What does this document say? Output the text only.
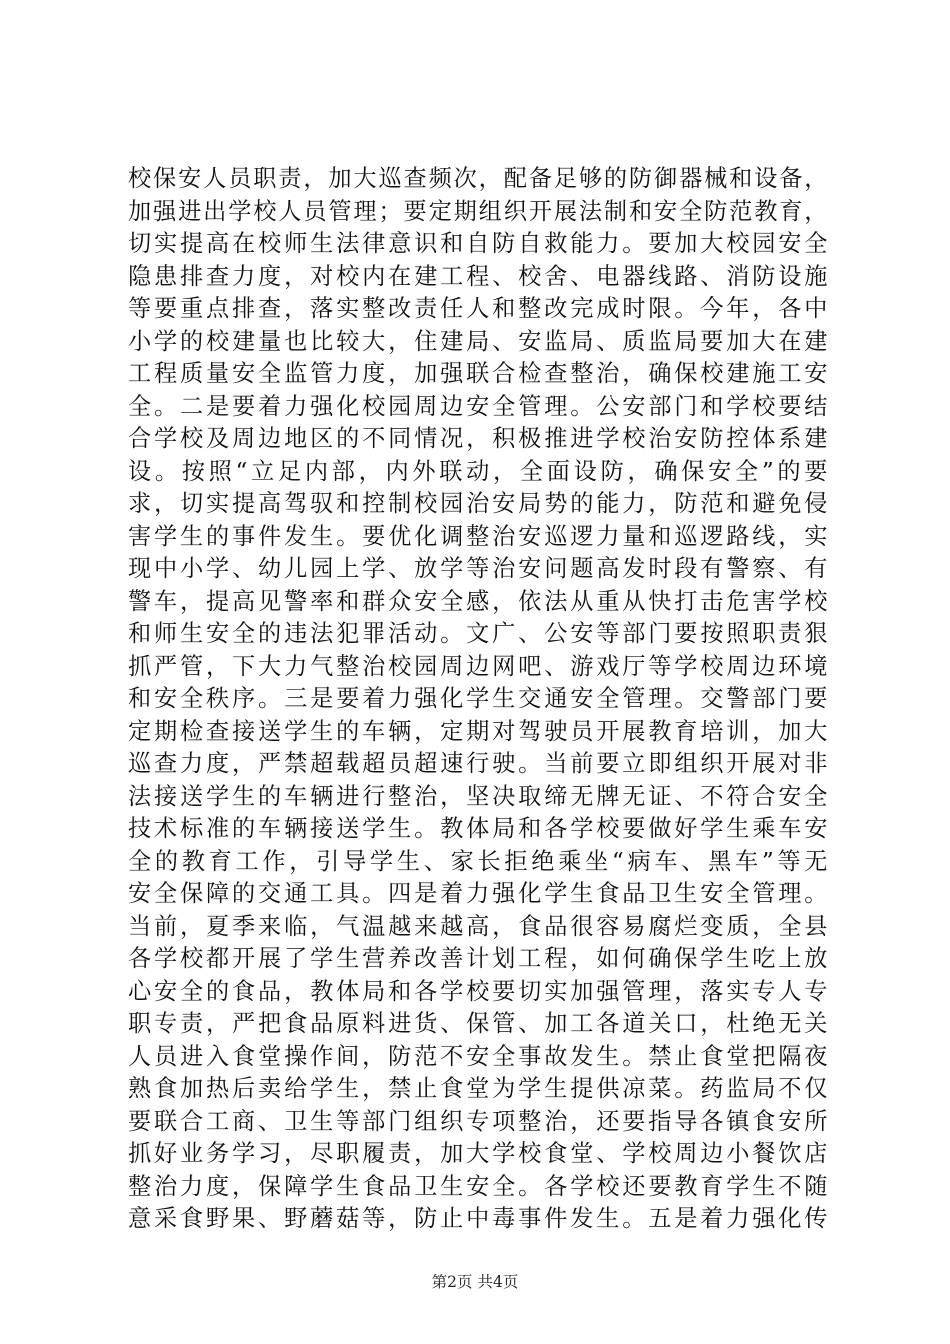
校保安人员职责，加大巡查频次，配备足够的防御器械和设备，
加强进出学校人员管理；要定期组织开展法制和安全防范教育，
切实提高在校师生法律意识和自防自救能力。要加大校园安全
隐患排查力度，对校内在建工程、校舍、电器线路、消防设施
等要重点排查，落实整改责任人和整改完成时限。今年，各中
小学的校建量也比较大，住建局、安监局、质监局要加大在建
工程质量安全监管力度，加强联合检查整治，确保校建施工安
全。二是要着力强化校园周边安全管理。公安部门和学校要结
合学校及周边地区的不同情况，积极推进学校治安防控体系建
设。按照“立足内部，内外联动，全面设防，确保安全”的要
求，切实提高驾驭和控制校园治安局势的能力，防范和避免侵
害学生的事件发生。要优化调整治安巡逻力量和巡逻路线，实
现中小学、幼儿园上学、放学等治安问题高发时段有警察、有
警车，提高见警率和群众安全感，依法从重从快打击危害学校
和师生安全的违法犯罪活动。文广、公安等部门要按照职责狠
抓严管，下大力气整治校园周边网吧、游戏厅等学校周边环境
和安全秩序。三是要着力强化学生交通安全管理。交警部门要
定期检查接送学生的车辆，定期对驾驶员开展教育培训，加大
巡查力度，严禁超载超员超速行驶。当前要立即组织开展对非
法接送学生的车辆进行整治，坚决取缔无牌无证、不符合安全
技术标准的车辆接送学生。教体局和各学校要做好学生乘车安
全的教育工作，引导学生、家长拒绝乘坐“病车、黑车”等无
安全保障的交通工具。四是着力强化学生食品卫生安全管理。
当前，夏季来临，气温越来越高，食品很容易腐烂变质，全县
各学校都开展了学生营养改善计划工程，如何确保学生吃上放
心安全的食品，教体局和各学校要切实加强管理，落实专人专
职专责，严把食品原料进货、保管、加工各道关口，杜绝无关
人员进入食堂操作间，防范不安全事故发生。禁止食堂把隔夜
熟食加热后卖给学生，禁止食堂为学生提供凉菜。药监局不仅
要联合工商、卫生等部门组织专项整治，还要指导各镇食安所
抓好业务学习，尽职履责，加大学校食堂、学校周边小餐饮店
整治力度，保障学生食品卫生安全。各学校还要教育学生不随
意采食野果、野蘑菇等，防止中毒事件发生。五是着力强化传
第2页 共4页
